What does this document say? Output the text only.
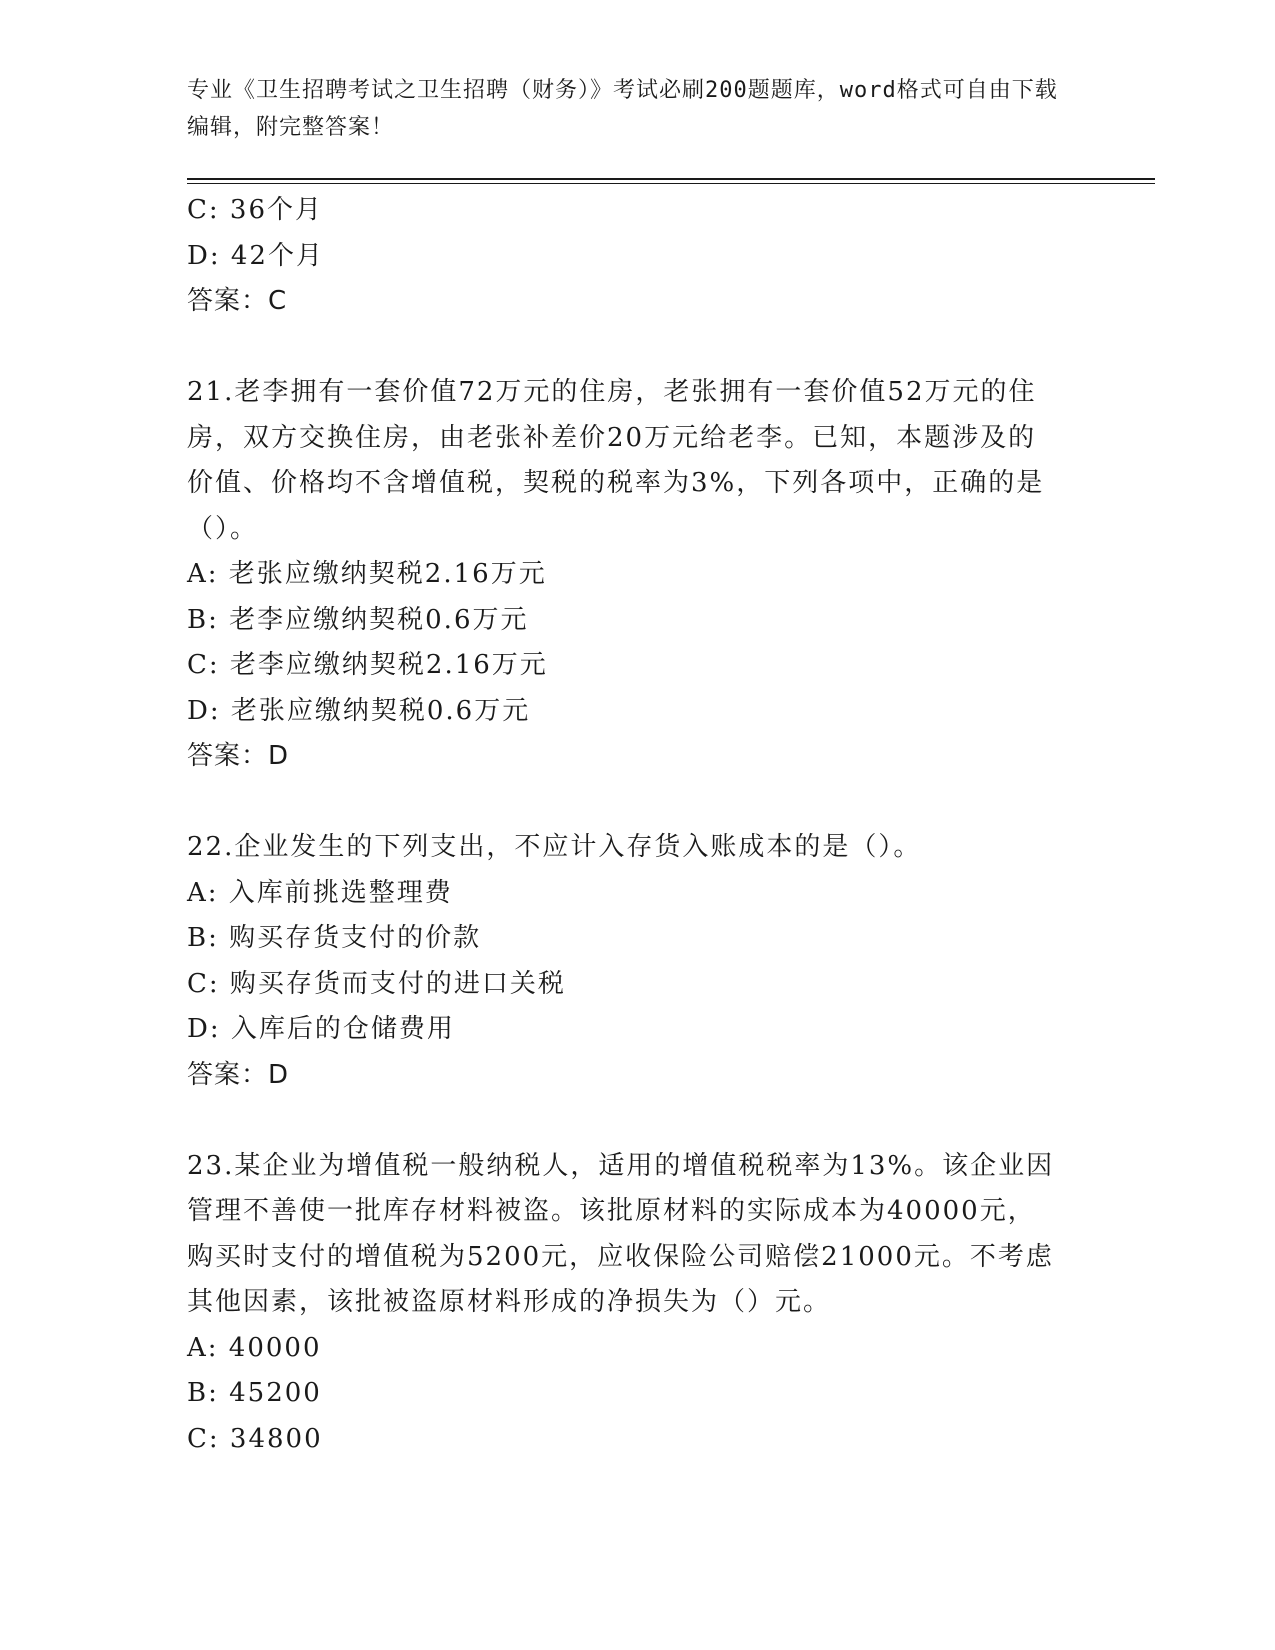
专业《卫生招聘考试之卫生招聘（财务）》考试必刷200题题库，word格式可自由下载编辑，附完整答案！
C: 36个月
D: 42个月
答案：C
21.老李拥有一套价值72万元的住房，老张拥有一套价值52万元的住
房，双方交换住房，由老张补差价20万元给老李。已知，本题涉及的
价值、价格均不含增值税，契税的税率为3%，下列各项中，正确的是
（）。
A: 老张应缴纳契税2.16万元
B: 老李应缴纳契税0.6万元
C: 老李应缴纳契税2.16万元
D: 老张应缴纳契税0.6万元
答案：D
22.企业发生的下列支出，不应计入存货入账成本的是（）。
A: 入库前挑选整理费
B: 购买存货支付的价款
C: 购买存货而支付的进口关税
D: 入库后的仓储费用
答案：D
23.某企业为增值税一般纳税人，适用的增值税税率为13%。该企业因
管理不善使一批库存材料被盗。该批原材料的实际成本为40000元，
购买时支付的增值税为5200元，应收保险公司赔偿21000元。不考虑
其他因素，该批被盗原材料形成的净损失为（）元。
A: 40000
B: 45200
C: 34800
